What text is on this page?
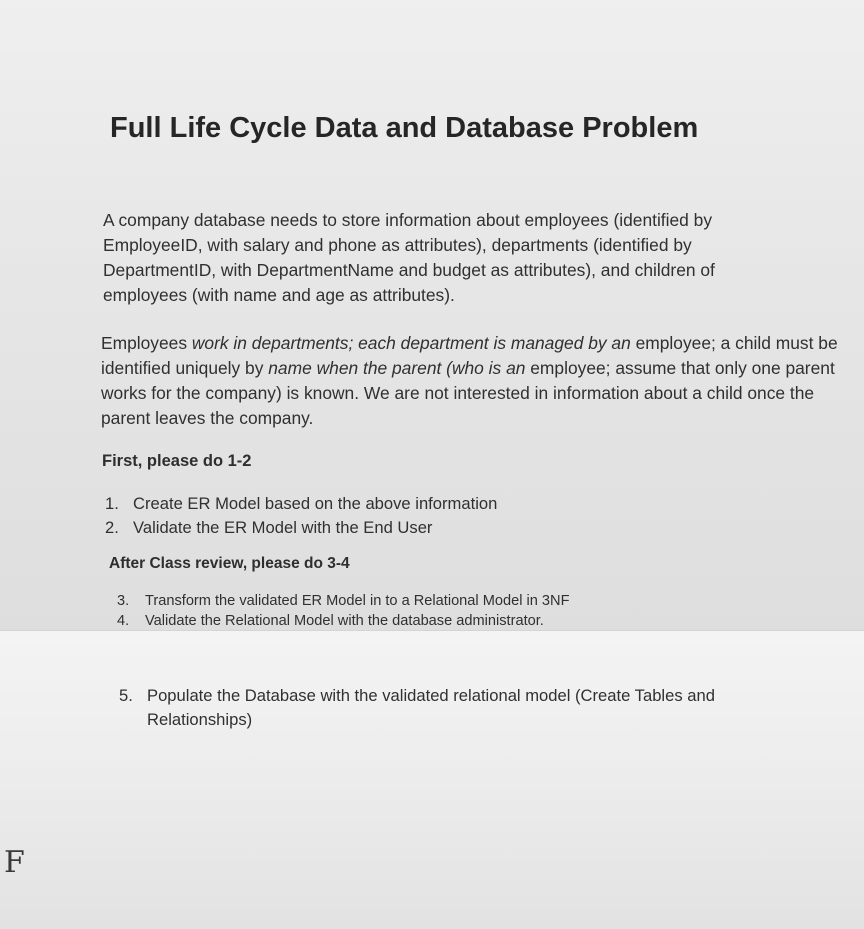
Full Life Cycle Data and Database Problem
A company database needs to store information about employees (identified by EmployeeID, with salary and phone as attributes), departments (identified by DepartmentID, with DepartmentName and budget as attributes), and children of employees (with name and age as attributes).
Employees work in departments; each department is managed by an employee; a child must be identified uniquely by name when the parent (who is an employee; assume that only one parent works for the company) is known. We are not interested in information about a child once the parent leaves the company.
First, please do 1-2
1. Create ER Model based on the above information
2. Validate the ER Model with the End User
After Class review, please do 3-4
3. Transform the validated ER Model in to a Relational Model in 3NF
4. Validate the Relational Model with the database administrator.
5. Populate the Database with the validated relational model (Create Tables and Relationships)
F
